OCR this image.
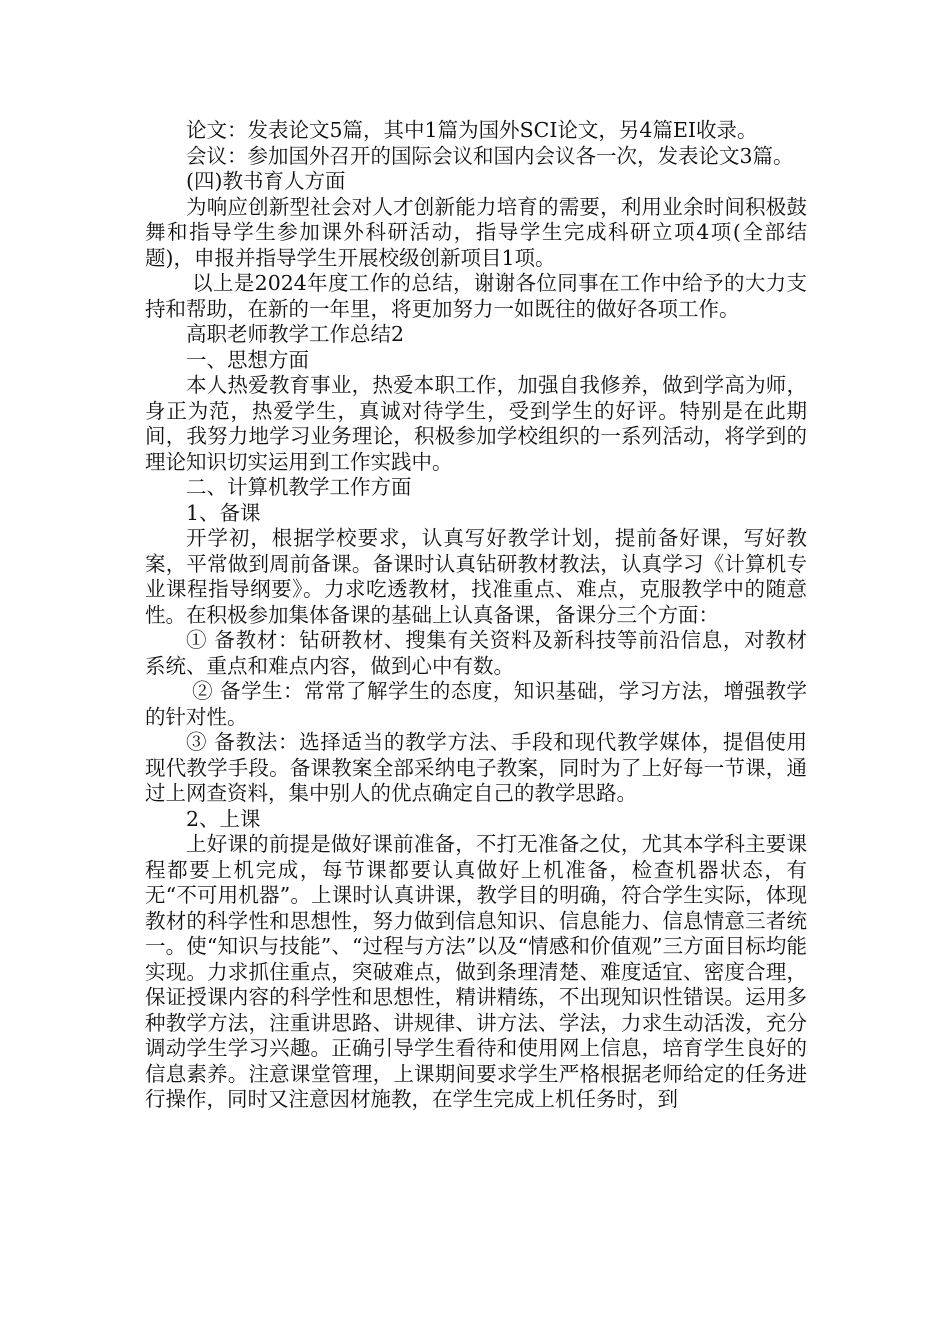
论文：发表论文5篇，其中1篇为国外SCI论文，另4篇EI收录。

会议：参加国外召开的国际会议和国内会议各一次，发表论文3篇。

(四)教书育人方面

为响应创新型社会对人才创新能力培育的需要，利用业余时间积极鼓舞和指导学生参加课外科研活动，指导学生完成科研立项4项(全部结题)，申报并指导学生开展校级创新项目1项。

以上是2024年度工作的总结，谢谢各位同事在工作中给予的大力支持和帮助，在新的一年里，将更加努力一如既往的做好各项工作。

高职老师教学工作总结2

一、思想方面

本人热爱教育事业，热爱本职工作，加强自我修养，做到学高为师，身正为范，热爱学生，真诚对待学生，受到学生的好评。特别是在此期间，我努力地学习业务理论，积极参加学校组织的一系列活动，将学到的理论知识切实运用到工作实践中。

二、计算机教学工作方面

1、备课

开学初，根据学校要求，认真写好教学计划，提前备好课，写好教案，平常做到周前备课。备课时认真钻研教材教法，认真学习《计算机专业课程指导纲要》。力求吃透教材，找准重点、难点，克服教学中的随意性。在积极参加集体备课的基础上认真备课，备课分三个方面：

① 备教材：钻研教材、搜集有关资料及新科技等前沿信息，对教材系统、重点和难点内容，做到心中有数。

② 备学生：常常了解学生的态度，知识基础，学习方法，增强教学的针对性。

③ 备教法：选择适当的教学方法、手段和现代教学媒体，提倡使用现代教学手段。备课教案全部采纳电子教案，同时为了上好每一节课，通过上网查资料，集中别人的优点确定自己的教学思路。

2、上课

上好课的前提是做好课前准备，不打无准备之仗，尤其本学科主要课程都要上机完成，每节课都要认真做好上机准备，检查机器状态，有无“不可用机器”。上课时认真讲课，教学目的明确，符合学生实际，体现教材的科学性和思想性，努力做到信息知识、信息能力、信息情意三者统一。使“知识与技能”、“过程与方法”以及“情感和价值观”三方面目标均能实现。力求抓住重点，突破难点，做到条理清楚、难度适宜、密度合理，保证授课内容的科学性和思想性，精讲精练，不出现知识性错误。运用多种教学方法，注重讲思路、讲规律、讲方法、学法，力求生动活泼，充分调动学生学习兴趣。正确引导学生看待和使用网上信息，培育学生良好的信息素养。注意课堂管理，上课期间要求学生严格根据老师给定的任务进行操作，同时又注意因材施教，在学生完成上机任务时，到
